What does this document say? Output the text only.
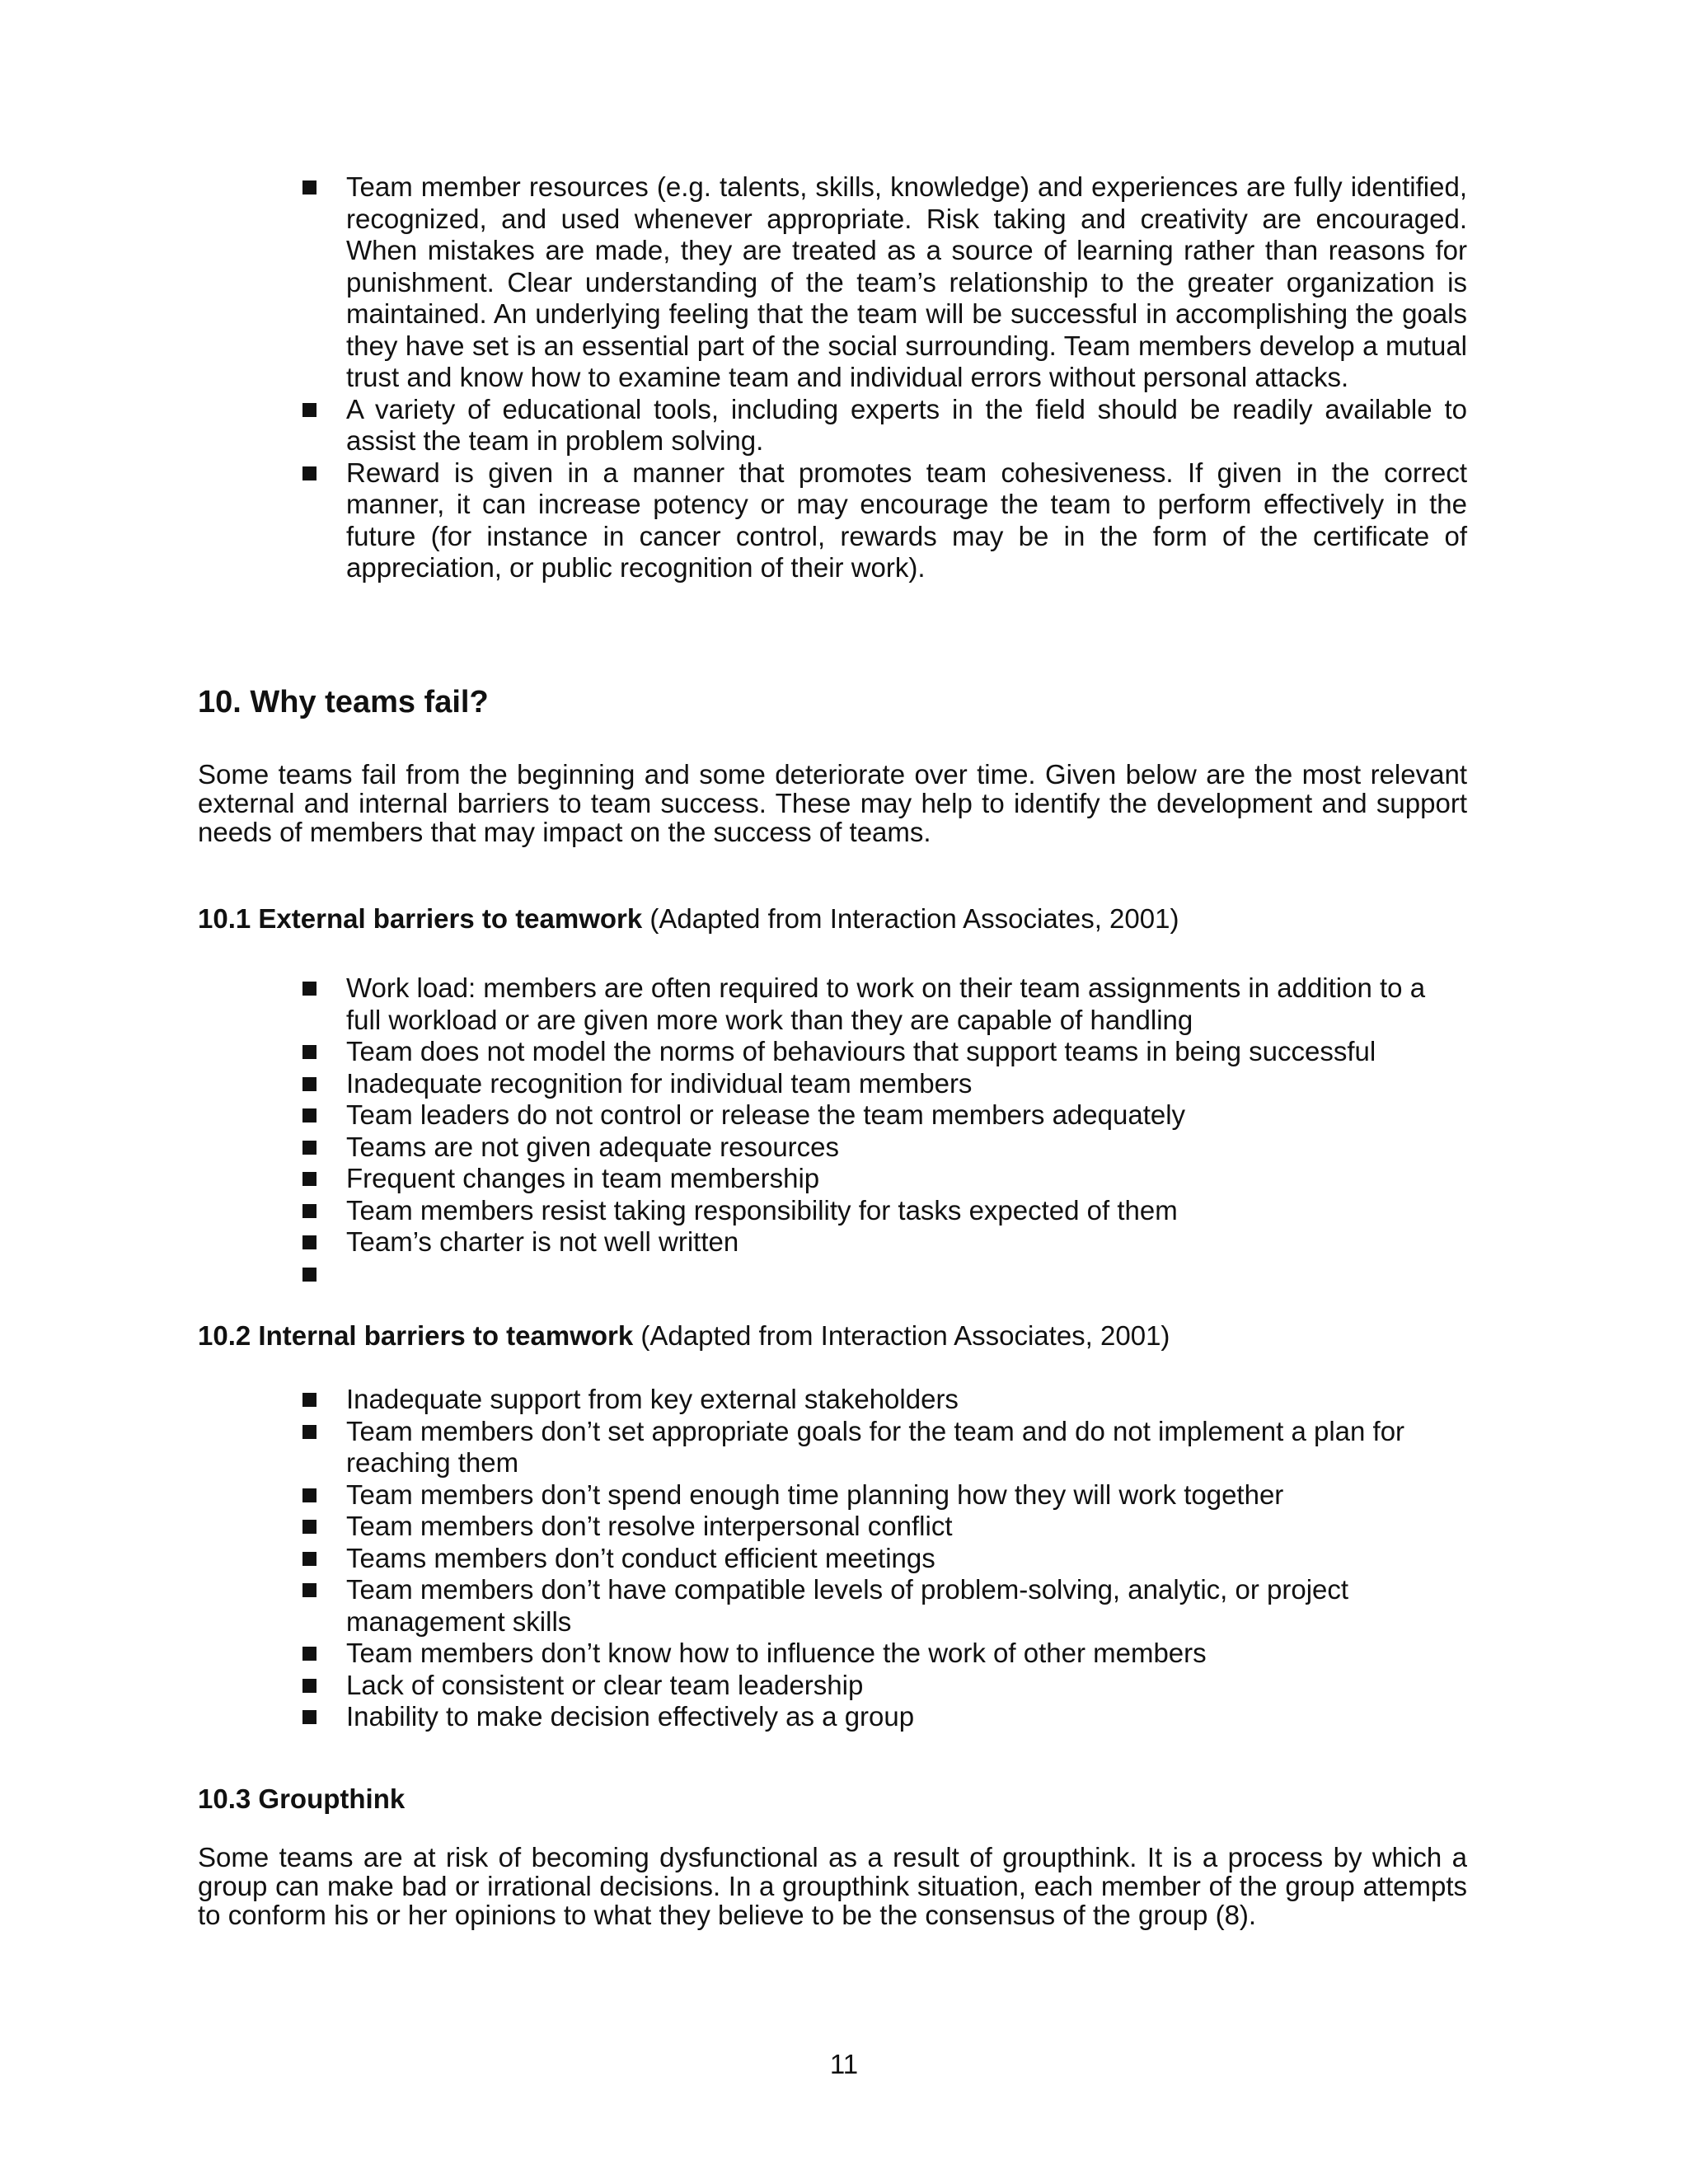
Team member resources (e.g. talents, skills, knowledge) and experiences are fully identified, recognized, and used whenever appropriate. Risk taking and creativity are encouraged. When mistakes are made, they are treated as a source of learning rather than reasons for punishment. Clear understanding of the team’s relationship to the greater organization is maintained. An underlying feeling that the team will be successful in accomplishing the goals they have set is an essential part of the social surrounding. Team members develop a mutual trust and know how to examine team and individual errors without personal attacks.
A variety of educational tools, including experts in the field should be readily available to assist the team in problem solving.
Reward is given in a manner that promotes team cohesiveness. If given in the correct manner, it can increase potency or may encourage the team to perform effectively in the future (for instance in cancer control, rewards may be in the form of the certificate of appreciation, or public recognition of their work).
10. Why teams fail?

Some teams fail from the beginning and some deteriorate over time. Given below are the most relevant external and internal barriers to team success. These may help to identify the development and support needs of members that may impact on the success of teams.

10.1 External barriers to teamwork (Adapted from Interaction Associates, 2001)
Work load: members are often required to work on their team assignments in addition to a full workload or are given more work than they are capable of handling
Team does not model the norms of behaviours that support teams in being successful
Inadequate recognition for individual team members
Team leaders do not control or release the team members adequately
Teams are not given adequate resources
Frequent changes in team membership
Team members resist taking responsibility for tasks expected of them
Team’s charter is not well written
10.2 Internal barriers to teamwork (Adapted from Interaction Associates, 2001)
Inadequate support from key external stakeholders
Team members don’t set appropriate goals for the team and do not implement a plan for reaching them
Team members don’t spend enough time planning how they will work together
Team members don’t resolve interpersonal conflict
Teams members don’t conduct efficient meetings
Team members don’t have compatible levels of problem-solving, analytic, or project management skills
Team members don’t know how to influence the work of other members
Lack of consistent or clear team leadership
Inability to make decision effectively as a group
10.3 Groupthink

Some teams are at risk of becoming dysfunctional as a result of groupthink. It is a process by which a group can make bad or irrational decisions. In a groupthink situation, each member of the group attempts to conform his or her opinions to what they believe to be the consensus of the group (8).

11
